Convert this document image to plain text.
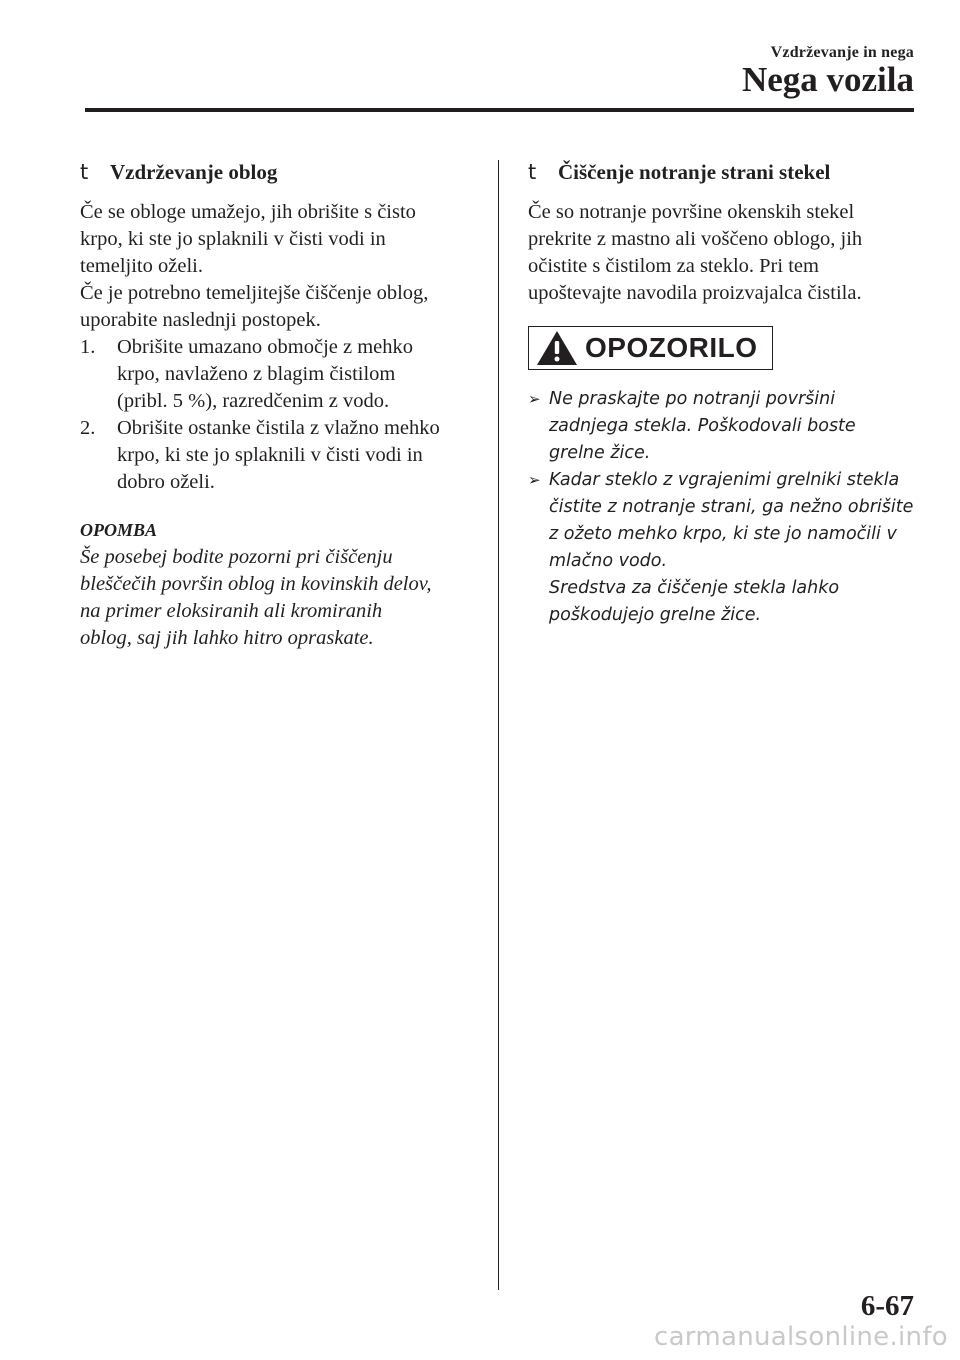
Vzdrževanje in nega
Nega vozila
t	Vzdrževanje oblog

Če se obloge umažejo, jih obrišite s čisto
krpo, ki ste jo splaknili v čisti vodi in
temeljito oželi.
Če je potrebno temeljitejše čiščenje oblog,
uporabite naslednji postopek.

1.	Obrišite umazano območje z mehko
krpo, navlaženo z blagim čistilom
(pribl. 5 %), razredčenim z vodo.
2.	Obrišite ostanke čistila z vlažno mehko
krpo, ki ste jo splaknili v čisti vodi in
dobro oželi.
OPOMBA

Še posebej bodite pozorni pri čiščenju
bleščečih površin oblog in kovinskih delov,
na primer eloksiranih ali kromiranih
oblog, saj jih lahko hitro opraskate.

t	Čiščenje notranje strani stekel

Če so notranje površine okenskih stekel
prekrite z mastno ali voščeno oblogo, jih
očistite s čistilom za steklo. Pri tem
upoštevajte navodila proizvajalca čistila.

OPOZORILO
➢ Ne praskajte po notranji površini
zadnjega stekla. Poškodovali boste
grelne žice.
➢ Kadar steklo z vgrajenimi grelniki stekla
čistite z notranje strani, ga nežno obrišite
z ožeto mehko krpo, ki ste jo namočili v
mlačno vodo.
Sredstva za čiščenje stekla lahko
poškodujejo grelne žice.
6-67
carmanualsonline.info
